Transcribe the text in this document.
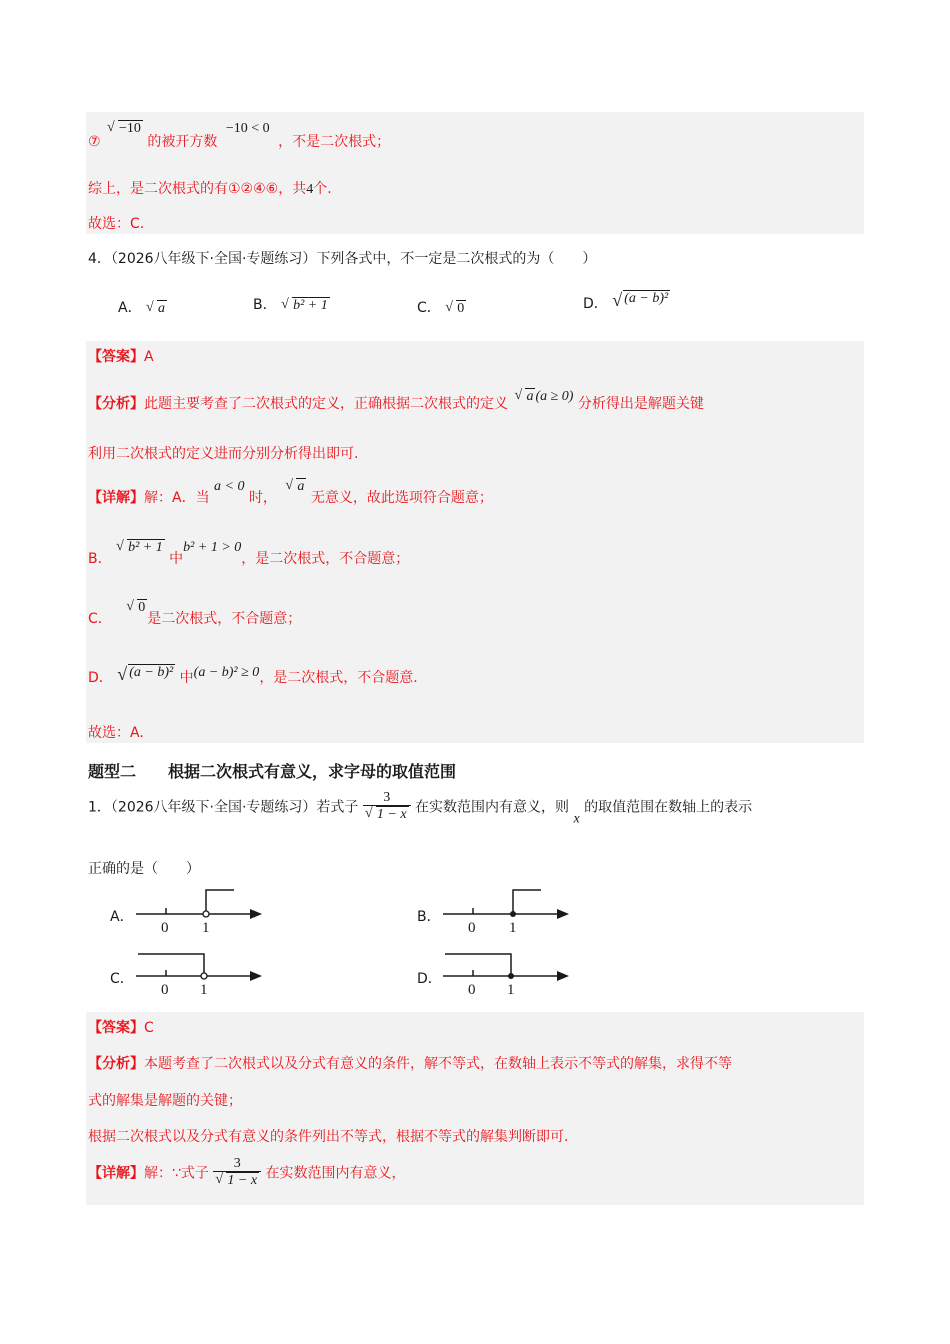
⑦
√ −10 的被开方数 −10 < 0 ，不是二次根式；
综上，是二次根式的有①②④⑥，共4个.
故选：C.
4．（2026八年级下·全国·专题练习）下列各式中，不一定是二次根式的为（　　）
A． √ a	B． √ b² + 1	C． √ 0	D． √ (a − b)²
【答案】A
【分析】此题主要考查了二次根式的定义，正确根据二次根式的定义
√ a (a ≥ 0) 分析得出是解题关键
利用二次根式的定义进而分别分析得出即可.
【详解】解：A．当 a < 0 时，
√ a 无意义，故此选项符合题意；
B．
√ b² + 1 中b² + 1 > 0，是二次根式，不合题意；
C．
√ 0是二次根式，不合题意；
D． √ (a − b)² 中(a − b)² ≥ 0，是二次根式，不合题意.
故选：A.
题型二　　根据二次根式有意义，求字母的取值范围
1．（2026八年级下·全国·专题练习）若式子 $\frac{3}{√ 1 - x}$ 在实数范围内有意义，则 x 的取值范围在数轴上的表示
正确的是（　　）
A．
0 1
B．
0 1
C．
0 1
D．
0 1
【答案】C
【分析】本题考查了二次根式以及分式有意义的条件，解不等式，在数轴上表示不等式的解集，求得不等
式的解集是解题的关键；
根据二次根式以及分式有意义的条件列出不等式，根据不等式的解集判断即可.
【详解】解：∵式子 $\frac{3}{√ 1 - x}$ 在实数范围内有意义，
